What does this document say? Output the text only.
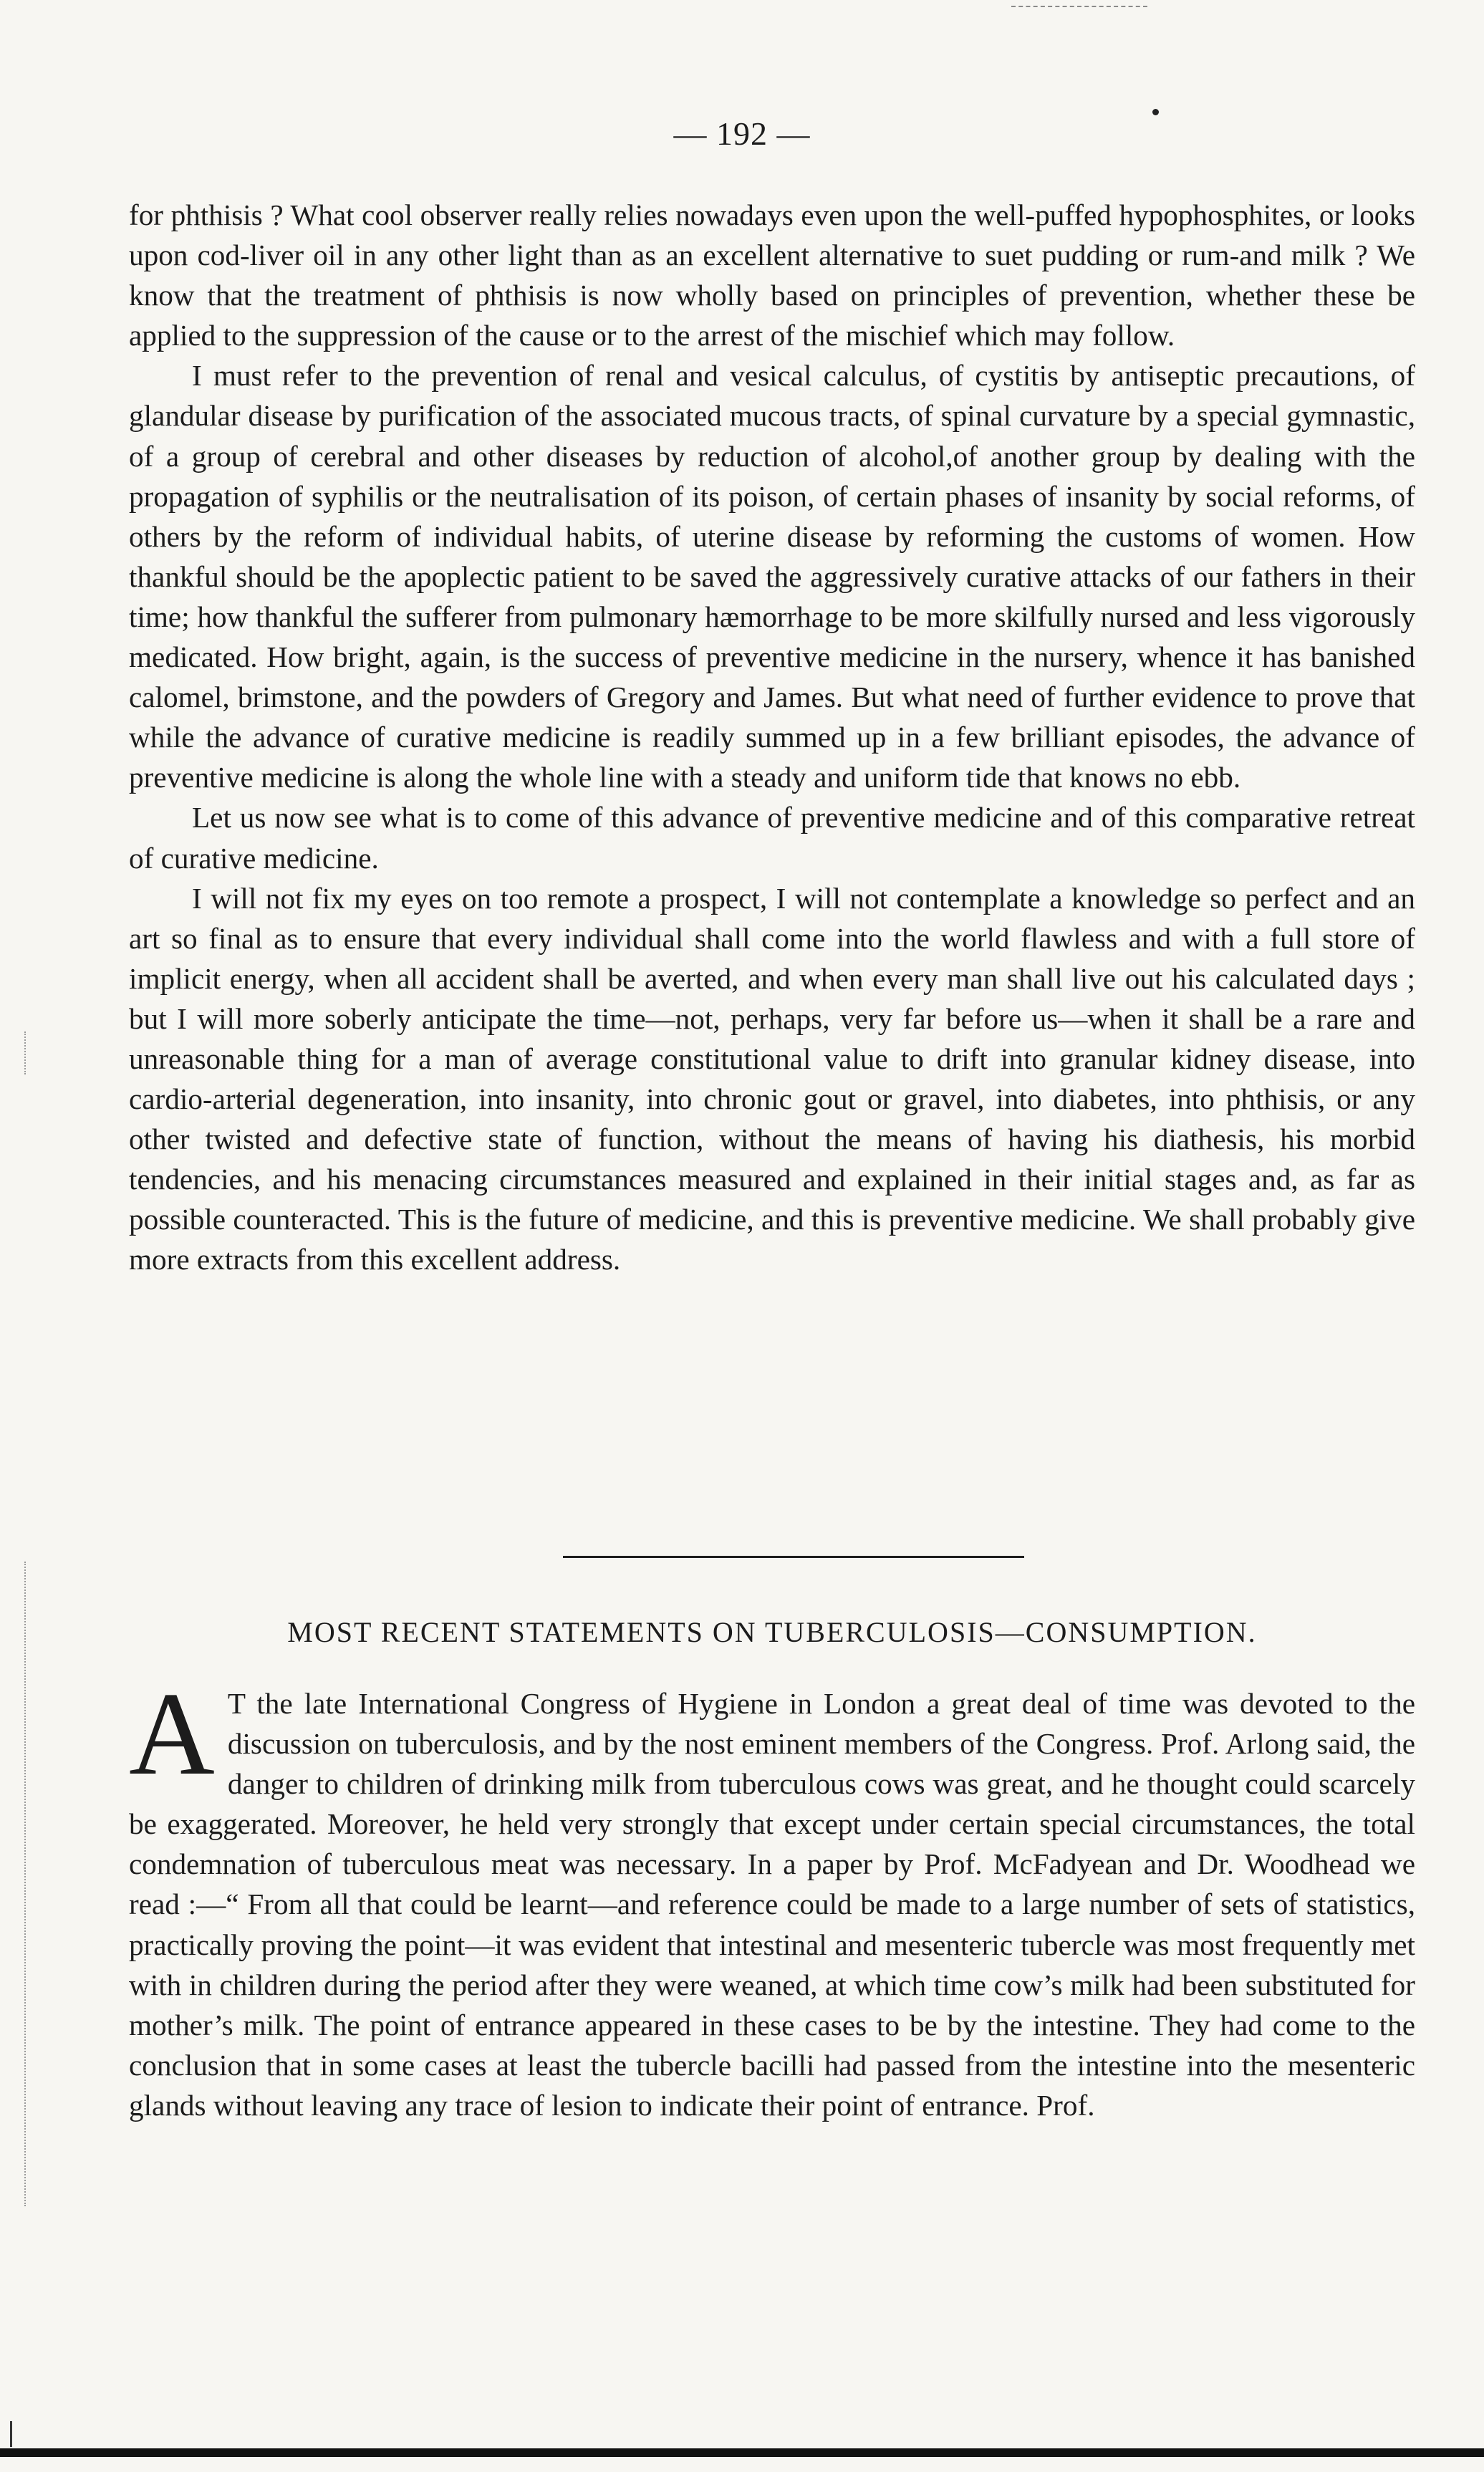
— 192 —

for phthisis ? What cool observer really relies nowadays even upon the well-puffed hypophosphites, or looks upon cod-liver oil in any other light than as an excellent alternative to suet pudding or rum-and milk ? We know that the treatment of phthisis is now wholly based on principles of prevention, whether these be applied to the suppression of the cause or to the arrest of the mischief which may follow.

I must refer to the prevention of renal and vesical calculus, of cystitis by antiseptic precautions, of glandular disease by purification of the associated mucous tracts, of spinal curvature by a special gymnastic, of a group of cerebral and other diseases by reduction of alcohol,of another group by dealing with the propagation of syphilis or the neutralisation of its poison, of certain phases of insanity by social reforms, of others by the reform of individual habits, of uterine disease by reforming the customs of women. How thankful should be the apoplectic patient to be saved the aggressively curative attacks of our fathers in their time; how thankful the sufferer from pulmonary hæmorrhage to be more skilfully nursed and less vigorously medicated. How bright, again, is the success of preventive medicine in the nursery, whence it has banished calomel, brimstone, and the powders of Gregory and James. But what need of further evidence to prove that while the advance of curative medicine is readily summed up in a few brilliant episodes, the advance of preventive medicine is along the whole line with a steady and uniform tide that knows no ebb.

Let us now see what is to come of this advance of preventive medicine and of this comparative retreat of curative medicine.

I will not fix my eyes on too remote a prospect, I will not contemplate a knowledge so perfect and an art so final as to ensure that every individual shall come into the world flawless and with a full store of implicit energy, when all accident shall be averted, and when every man shall live out his calculated days ; but I will more soberly anticipate the time—not, perhaps, very far before us—when it shall be a rare and unreasonable thing for a man of average constitutional value to drift into granular kidney disease, into cardio-arterial degeneration, into insanity, into chronic gout or gravel, into diabetes, into phthisis, or any other twisted and defective state of function, without the means of having his diathesis, his morbid tendencies, and his menacing circumstances measured and explained in their initial stages and, as far as possible counteracted. This is the future of medicine, and this is preventive medicine. We shall probably give more extracts from this excellent address.

MOST RECENT STATEMENTS ON TUBERCULOSIS—CONSUMPTION.
A T the late International Congress of Hygiene in London a great deal of time was devoted to the discussion on tuberculosis, and by the nost eminent members of the Congress. Prof. Arlong said, the danger to children of drinking milk from tuberculous cows was great, and he thought could scarcely be exaggerated. Moreover, he held very strongly that except under certain special circumstances, the total condemnation of tuberculous meat was necessary. In a paper by Prof. McFadyean and Dr. Woodhead we read :—“ From all that could be learnt—and reference could be made to a large number of sets of statistics, practically proving the point—it was evident that intestinal and mesenteric tubercle was most frequently met with in children during the period after they were weaned, at which time cow’s milk had been substituted for mother’s milk. The point of entrance appeared in these cases to be by the intestine. They had come to the conclusion that in some cases at least the tubercle bacilli had passed from the intestine into the mesenteric glands without leaving any trace of lesion to indicate their point of entrance. Prof.
